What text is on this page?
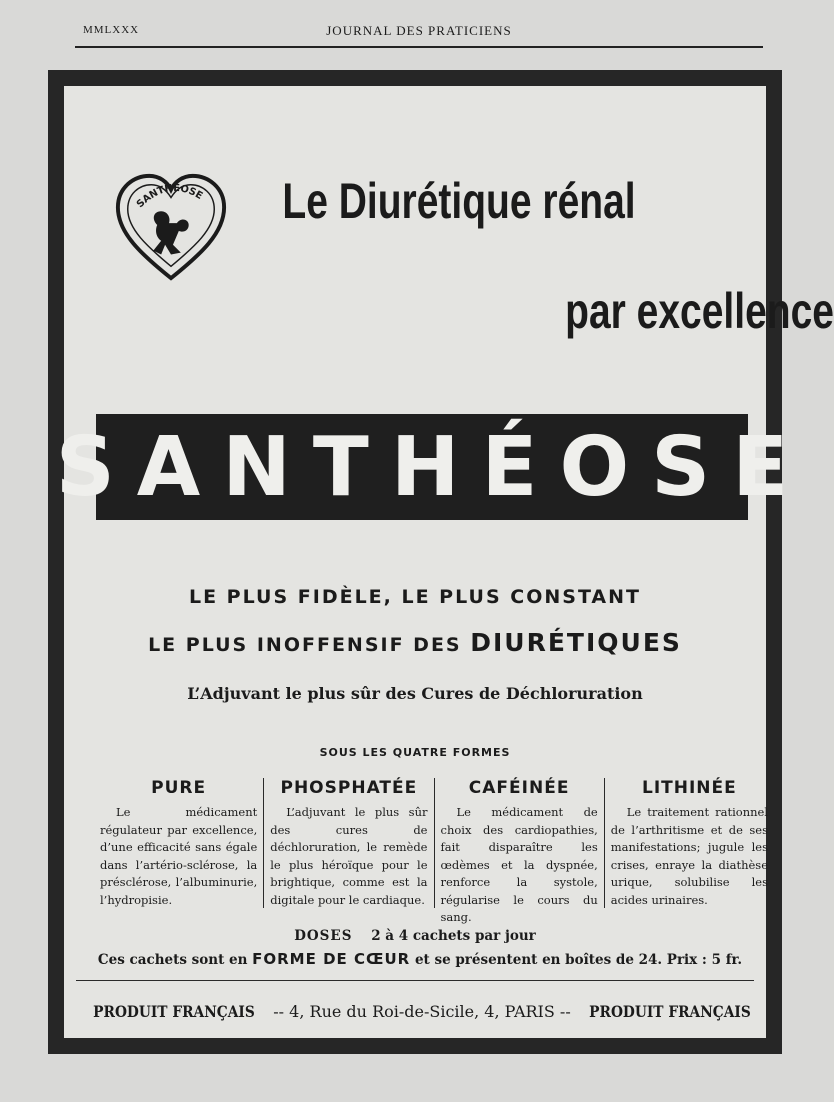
MMLXXX	JOURNAL DES PRATICIENS
SANTHÉOSE Le Diurétique rénal
par excellence
SANTHÉOSE
LE PLUS FIDÈLE, LE PLUS CONSTANT
LE PLUS INOFFENSIF DES DIURÉTIQUES
L’Adjuvant le plus sûr des Cures de Déchloruration
SOUS LES QUATRE FORMES
PURE
Le médicament régulateur par excellence, d’une efficacité sans égale dans l’artério-sclérose, la présclérose, l’albuminurie, l’hydropisie.
PHOSPHATÉE
L’adjuvant le plus sûr des cures de déchloruration, le remède le plus héroïque pour le brightique, comme est la digitale pour le cardiaque.
CAFÉINÉE
Le médicament de choix des cardiopathies, fait disparaître les œdèmes et la dyspnée, renforce la systole, régularise le cours du sang.
LITHINÉE
Le traitement rationnel de l’arthritisme et de ses manifestations; jugule les crises, enraye la diathèse urique, solubilise les acides urinaires.
DOSES 2 à 4 cachets par jour
Ces cachets sont en FORME DE CŒUR et se présentent en boîtes de 24. Prix : 5 fr.
PRODUIT FRANÇAIS -- 4, Rue du Roi-de-Sicile, 4, PARIS -- PRODUIT FRANÇAIS
